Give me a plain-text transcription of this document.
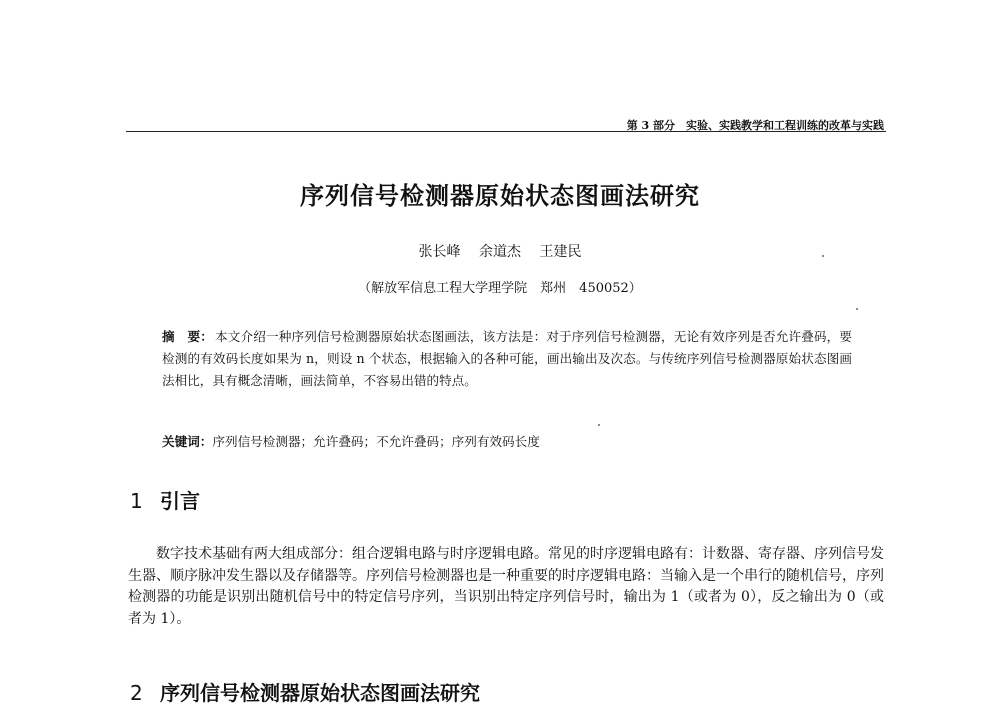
第 3 部分　实验、实践教学和工程训练的改革与实践
序列信号检测器原始状态图画法研究
张长峰 余道杰 王建民
（解放军信息工程大学理学院　郑州　450052）
摘　要： 本文介绍一种序列信号检测器原始状态图画法，该方法是：对于序列信号检测器，无论有效序列是否允许叠码，要检测的有效码长度如果为 n，则设 n 个状态，根据输入的各种可能，画出输出及次态。与传统序列信号检测器原始状态图画法相比，具有概念清晰，画法简单，不容易出错的特点。
关键词：序列信号检测器；允许叠码；不允许叠码；序列有效码长度
1 引言
数字技术基础有两大组成部分：组合逻辑电路与时序逻辑电路。常见的时序逻辑电路有：计数器、寄存器、序列信号发生器、顺序脉冲发生器以及存储器等。序列信号检测器也是一种重要的时序逻辑电路：当输入是一个串行的随机信号，序列检测器的功能是识别出随机信号中的特定信号序列，当识别出特定序列信号时，输出为 1（或者为 0），反之输出为 0（或者为 1）。
2 序列信号检测器原始状态图画法研究
